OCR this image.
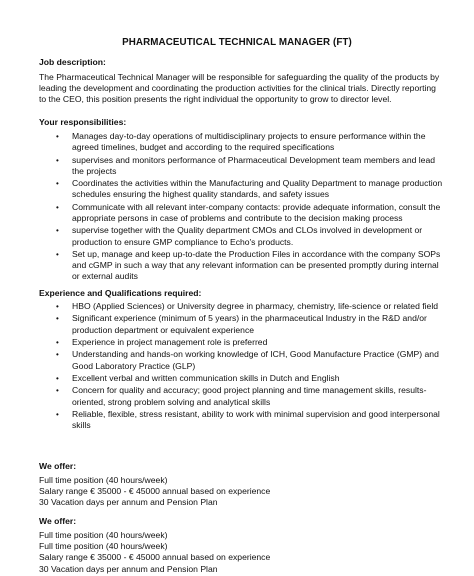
PHARMACEUTICAL TECHNICAL MANAGER (FT)
Job description:
The Pharmaceutical Technical Manager will be responsible for safeguarding the quality of the products by leading the development and coordinating the production activities for the clinical trials. Directly reporting to the CEO, this position presents the right individual the opportunity to grow to director level.
Your responsibilities:
• Manages day-to-day operations of multidisciplinary projects to ensure performance within the agreed timelines, budget and according to the required specifications
• supervises and monitors performance of Pharmaceutical Development team members and lead the projects
• Coordinates the activities within the Manufacturing and Quality Department to manage production schedules ensuring the highest quality standards, and safety issues
• Communicate with all relevant inter-company contacts: provide adequate information, consult the appropriate persons in case of problems and contribute to the decision making process
• supervise together with the Quality department CMOs and CLOs involved in development or production to ensure GMP compliance to Echo's products.
• Set up, manage and keep up-to-date the Production Files in accordance with the company SOPs and cGMP in such a way that any relevant information can be presented promptly during internal or external audits
Experience and Qualifications required:
• HBO (Applied Sciences) or University degree in pharmacy, chemistry, life-science or related field
• Significant experience (minimum of 5 years) in the pharmaceutical Industry in the R&D and/or production department or equivalent experience
• Experience in project management role is preferred
• Understanding and hands-on working knowledge of ICH, Good Manufacture Practice (GMP) and Good Laboratory Practice (GLP)
• Excellent verbal and written communication skills in Dutch and English
• Concern for quality and accuracy; good project planning and time management skills, results-oriented, strong problem solving and analytical skills
• Reliable, flexible, stress resistant, ability to work with minimal supervision and good interpersonal skills
We offer:
Full time position (40 hours/week)
Salary range € 35000 - € 45000 annual based on experience
30 Vacation days per annum and Pension Plan
We offer:
Full time position (40 hours/week)
Full time position (40 hours/week)
Salary range € 35000 - € 45000 annual based on experience
30 Vacation days per annum and Pension Plan
